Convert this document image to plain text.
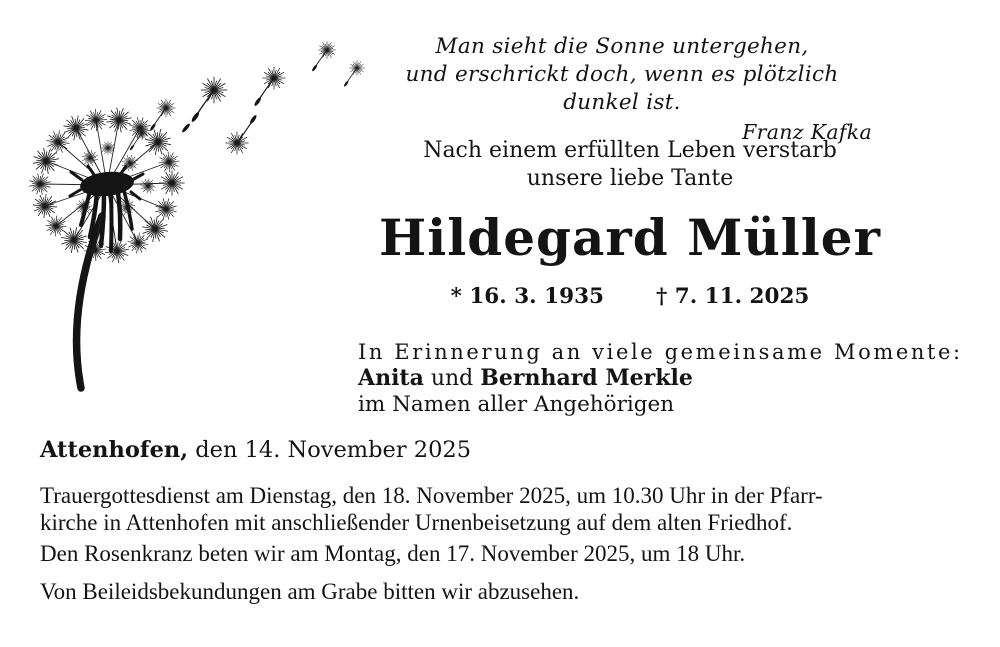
Man sieht die Sonne untergehen,
und erschrickt doch, wenn es plötzlich dunkel ist.
Franz Kafka
Nach einem erfüllten Leben verstarb
unsere liebe Tante
Hildegard Müller
* 16. 3. 1935 † 7. 11. 2025
In Erinnerung an viele gemeinsame Momente:
Anita und Bernhard Merkle
im Namen aller Angehörigen
Attenhofen, den 14. November 2025
Trauergottesdienst am Dienstag, den 18. November 2025, um 10.30 Uhr in der Pfarr-
kirche in Attenhofen mit anschließender Urnenbeisetzung auf dem alten Friedhof.
Den Rosenkranz beten wir am Montag, den 17. November 2025, um 18 Uhr.
Von Beileidsbekundungen am Grabe bitten wir abzusehen.
